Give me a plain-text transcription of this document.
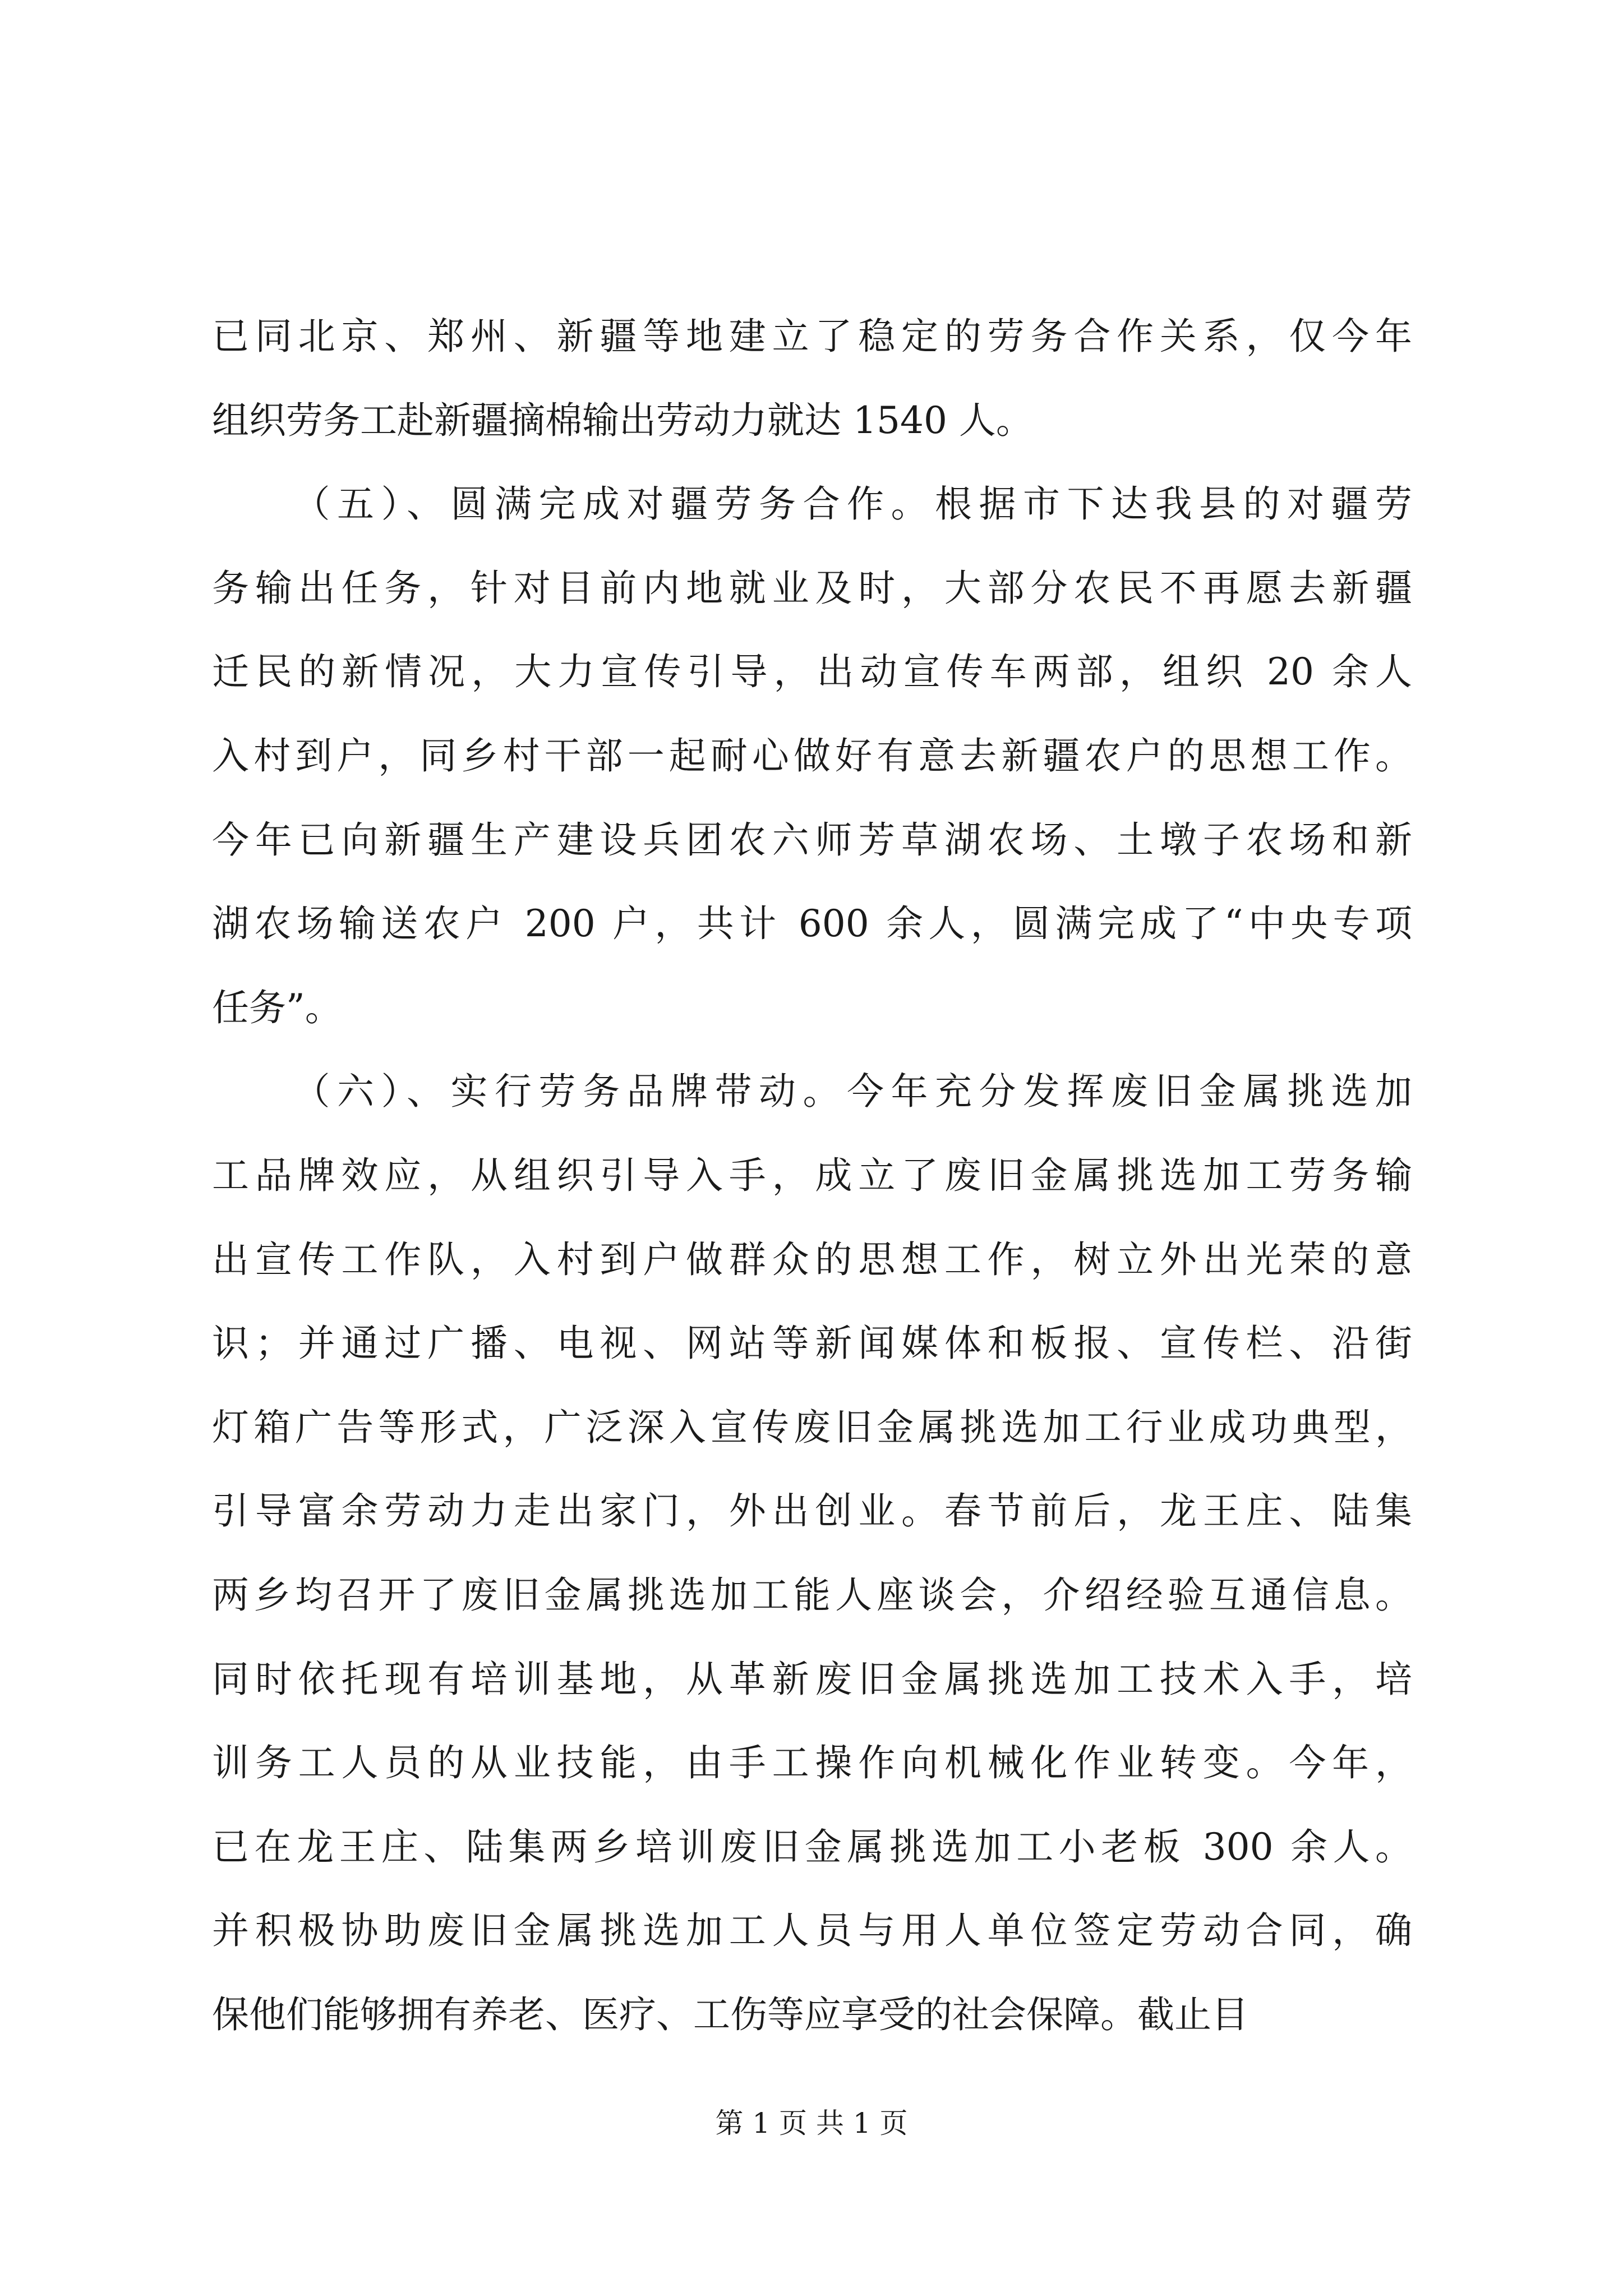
已同北京、郑州、新疆等地建立了稳定的劳务合作关系，仅今年
组织劳务工赴新疆摘棉输出劳动力就达 1540 人。
（五）、圆满完成对疆劳务合作。根据市下达我县的对疆劳
务输出任务，针对目前内地就业及时，大部分农民不再愿去新疆
迁民的新情况，大力宣传引导，出动宣传车两部，组织 20 余人
入村到户，同乡村干部一起耐心做好有意去新疆农户的思想工作。
今年已向新疆生产建设兵团农六师芳草湖农场、土墩子农场和新
湖农场输送农户 200 户，共计 600 余人，圆满完成了“中央专项
任务”。
（六）、实行劳务品牌带动。今年充分发挥废旧金属挑选加
工品牌效应，从组织引导入手，成立了废旧金属挑选加工劳务输
出宣传工作队，入村到户做群众的思想工作，树立外出光荣的意
识；并通过广播、电视、网站等新闻媒体和板报、宣传栏、沿街
灯箱广告等形式，广泛深入宣传废旧金属挑选加工行业成功典型，
引导富余劳动力走出家门，外出创业。春节前后，龙王庄、陆集
两乡均召开了废旧金属挑选加工能人座谈会，介绍经验互通信息。
同时依托现有培训基地，从革新废旧金属挑选加工技术入手，培
训务工人员的从业技能，由手工操作向机械化作业转变。今年，
已在龙王庄、陆集两乡培训废旧金属挑选加工小老板 300 余人。
并积极协助废旧金属挑选加工人员与用人单位签定劳动合同，确
保他们能够拥有养老、医疗、工伤等应享受的社会保障。截止目
第 1 页 共 1 页
